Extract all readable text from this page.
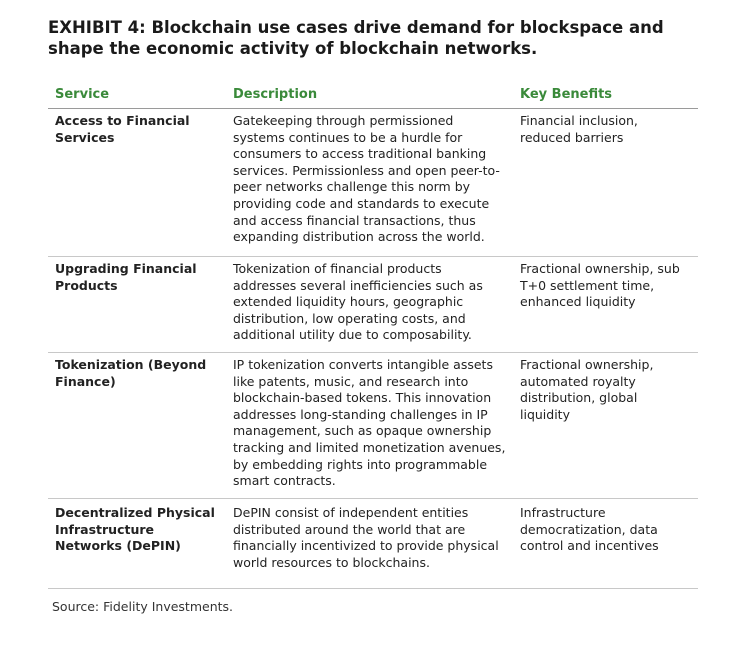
EXHIBIT 4: Blockchain use cases drive demand for blockspace and shape the economic activity of blockchain networks.
Service	Description	Key Benefits
Access to Financial Services
Gatekeeping through permissioned systems continues to be a hurdle for consumers to access traditional banking services. Permissionless and open peer-to-peer networks challenge this norm by providing code and standards to execute and access financial transactions, thus expanding distribution across the world.
Financial inclusion, reduced barriers
Upgrading Financial Products
Tokenization of financial products addresses several inefficiencies such as extended liquidity hours, geographic distribution, low operating costs, and additional utility due to composability.
Fractional ownership, sub T+0 settlement time, enhanced liquidity
Tokenization (Beyond Finance)
IP tokenization converts intangible assets like patents, music, and research into blockchain-based tokens. This innovation addresses long-standing challenges in IP management, such as opaque ownership tracking and limited monetization avenues, by embedding rights into programmable smart contracts.
Fractional ownership, automated royalty distribution, global liquidity
Decentralized Physical Infrastructure Networks (DePIN)
DePIN consist of independent entities distributed around the world that are financially incentivized to provide physical world resources to blockchains.
Infrastructure democratization, data control and incentives
Source: Fidelity Investments.
